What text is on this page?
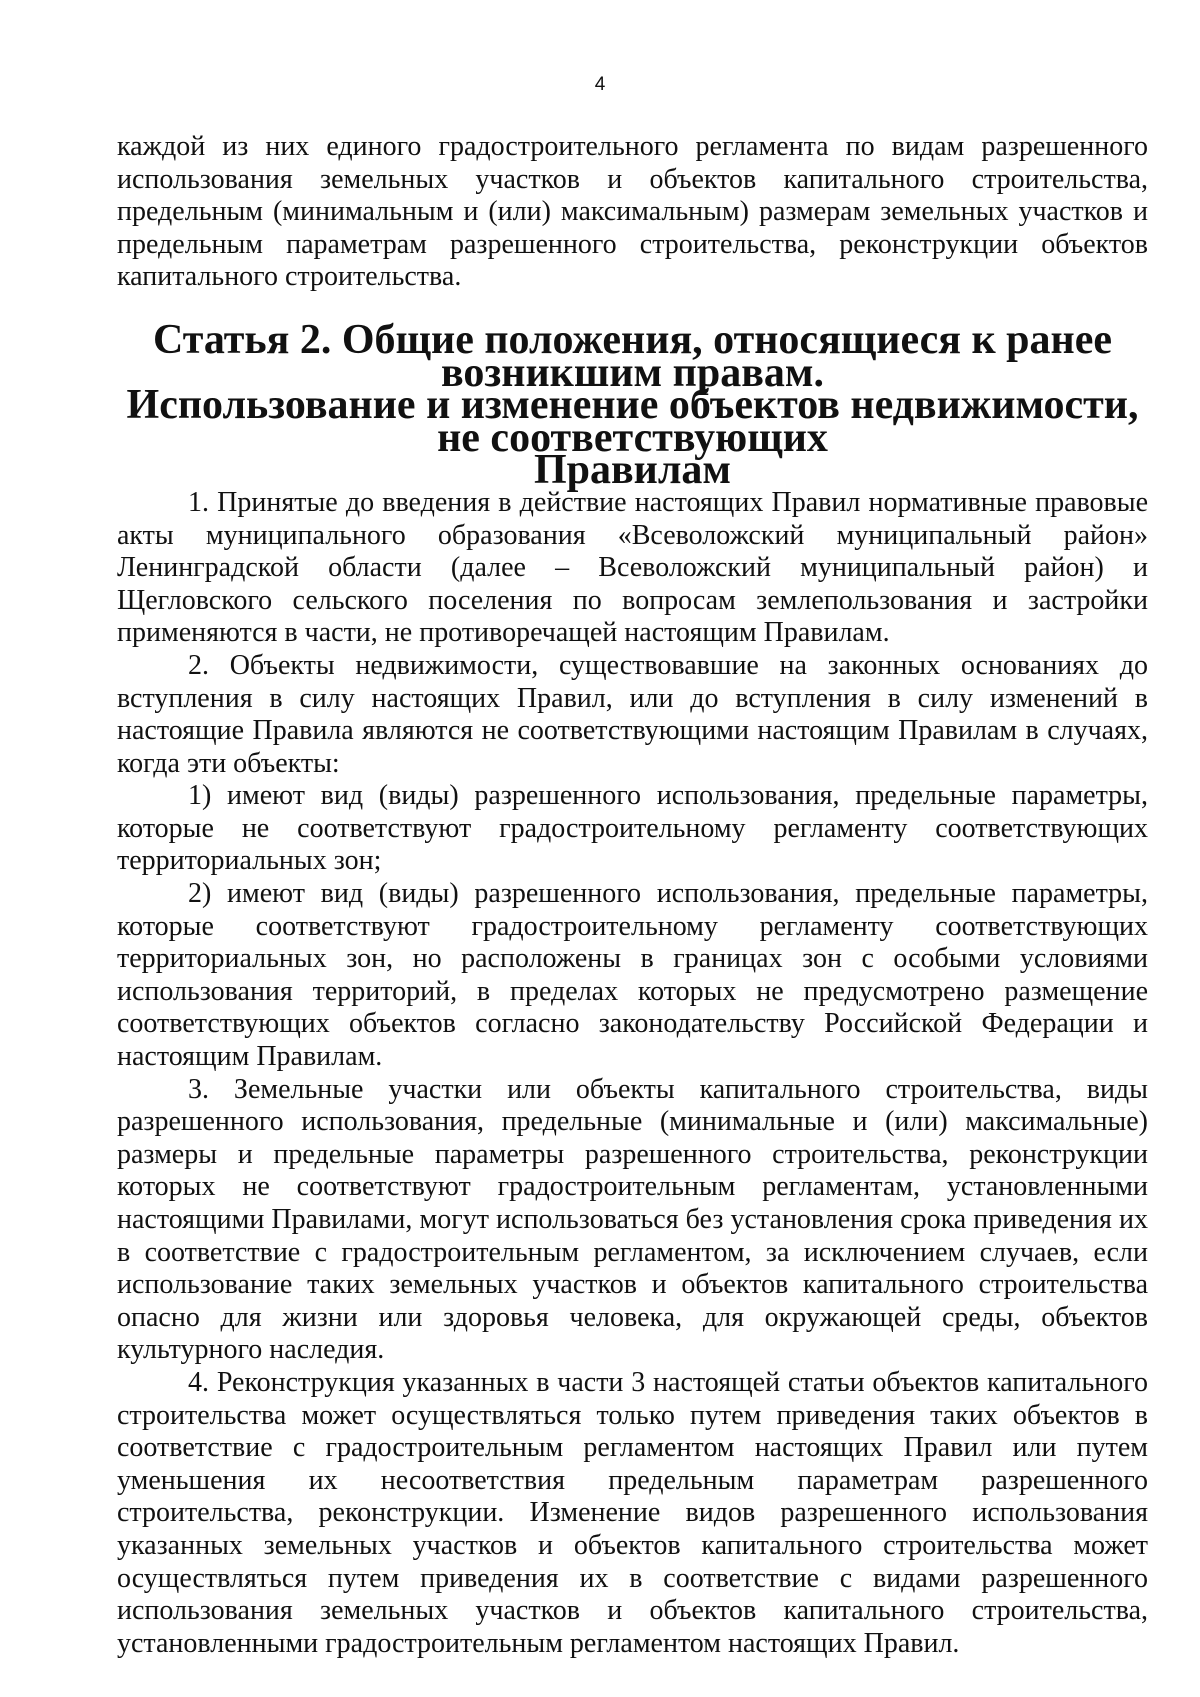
4

каждой из них единого градостроительного регламента по видам разрешенного использования земельных участков и объектов капитального строительства, предельным (минимальным и (или) максимальным) размерам земельных участков и предельным параметрам разрешенного строительства, реконструкции объектов капитального строительства.

Статья 2. Общие положения, относящиеся к ранее возникшим правам.
Использование и изменение объектов недвижимости, не соответствующих
Правилам

1. Принятые до введения в действие настоящих Правил нормативные правовые акты муниципального образования «Всеволожский муниципальный район» Ленинградской области (далее – Всеволожский муниципальный район) и Щегловского сельского поселения по вопросам землепользования и застройки применяются в части, не противоречащей настоящим Правилам.

2. Объекты недвижимости, существовавшие на законных основаниях до вступления в силу настоящих Правил, или до вступления в силу изменений в настоящие Правила являются не соответствующими настоящим Правилам в случаях, когда эти объекты:

1) имеют вид (виды) разрешенного использования, предельные параметры, которые не соответствуют градостроительному регламенту соответствующих территориальных зон;

2) имеют вид (виды) разрешенного использования, предельные параметры, которые соответствуют градостроительному регламенту соответствующих территориальных зон, но расположены в границах зон с особыми условиями использования территорий, в пределах которых не предусмотрено размещение соответствующих объектов согласно законодательству Российской Федерации и настоящим Правилам.

3. Земельные участки или объекты капитального строительства, виды разрешенного использования, предельные (минимальные и (или) максимальные) размеры и предельные параметры разрешенного строительства, реконструкции которых не соответствуют градостроительным регламентам, установленными настоящими Правилами, могут использоваться без установления срока приведения их в соответствие с градостроительным регламентом, за исключением случаев, если использование таких земельных участков и объектов капитального строительства опасно для жизни или здоровья человека, для окружающей среды, объектов культурного наследия.

4. Реконструкция указанных в части 3 настоящей статьи объектов капитального строительства может осуществляться только путем приведения таких объектов в соответствие с градостроительным регламентом настоящих Правил или путем уменьшения их несоответствия предельным параметрам разрешенного строительства, реконструкции. Изменение видов разрешенного использования указанных земельных участков и объектов капитального строительства может осуществляться путем приведения их в соответствие с видами разрешенного использования земельных участков и объектов капитального строительства, установленными градостроительным регламентом настоящих Правил.
